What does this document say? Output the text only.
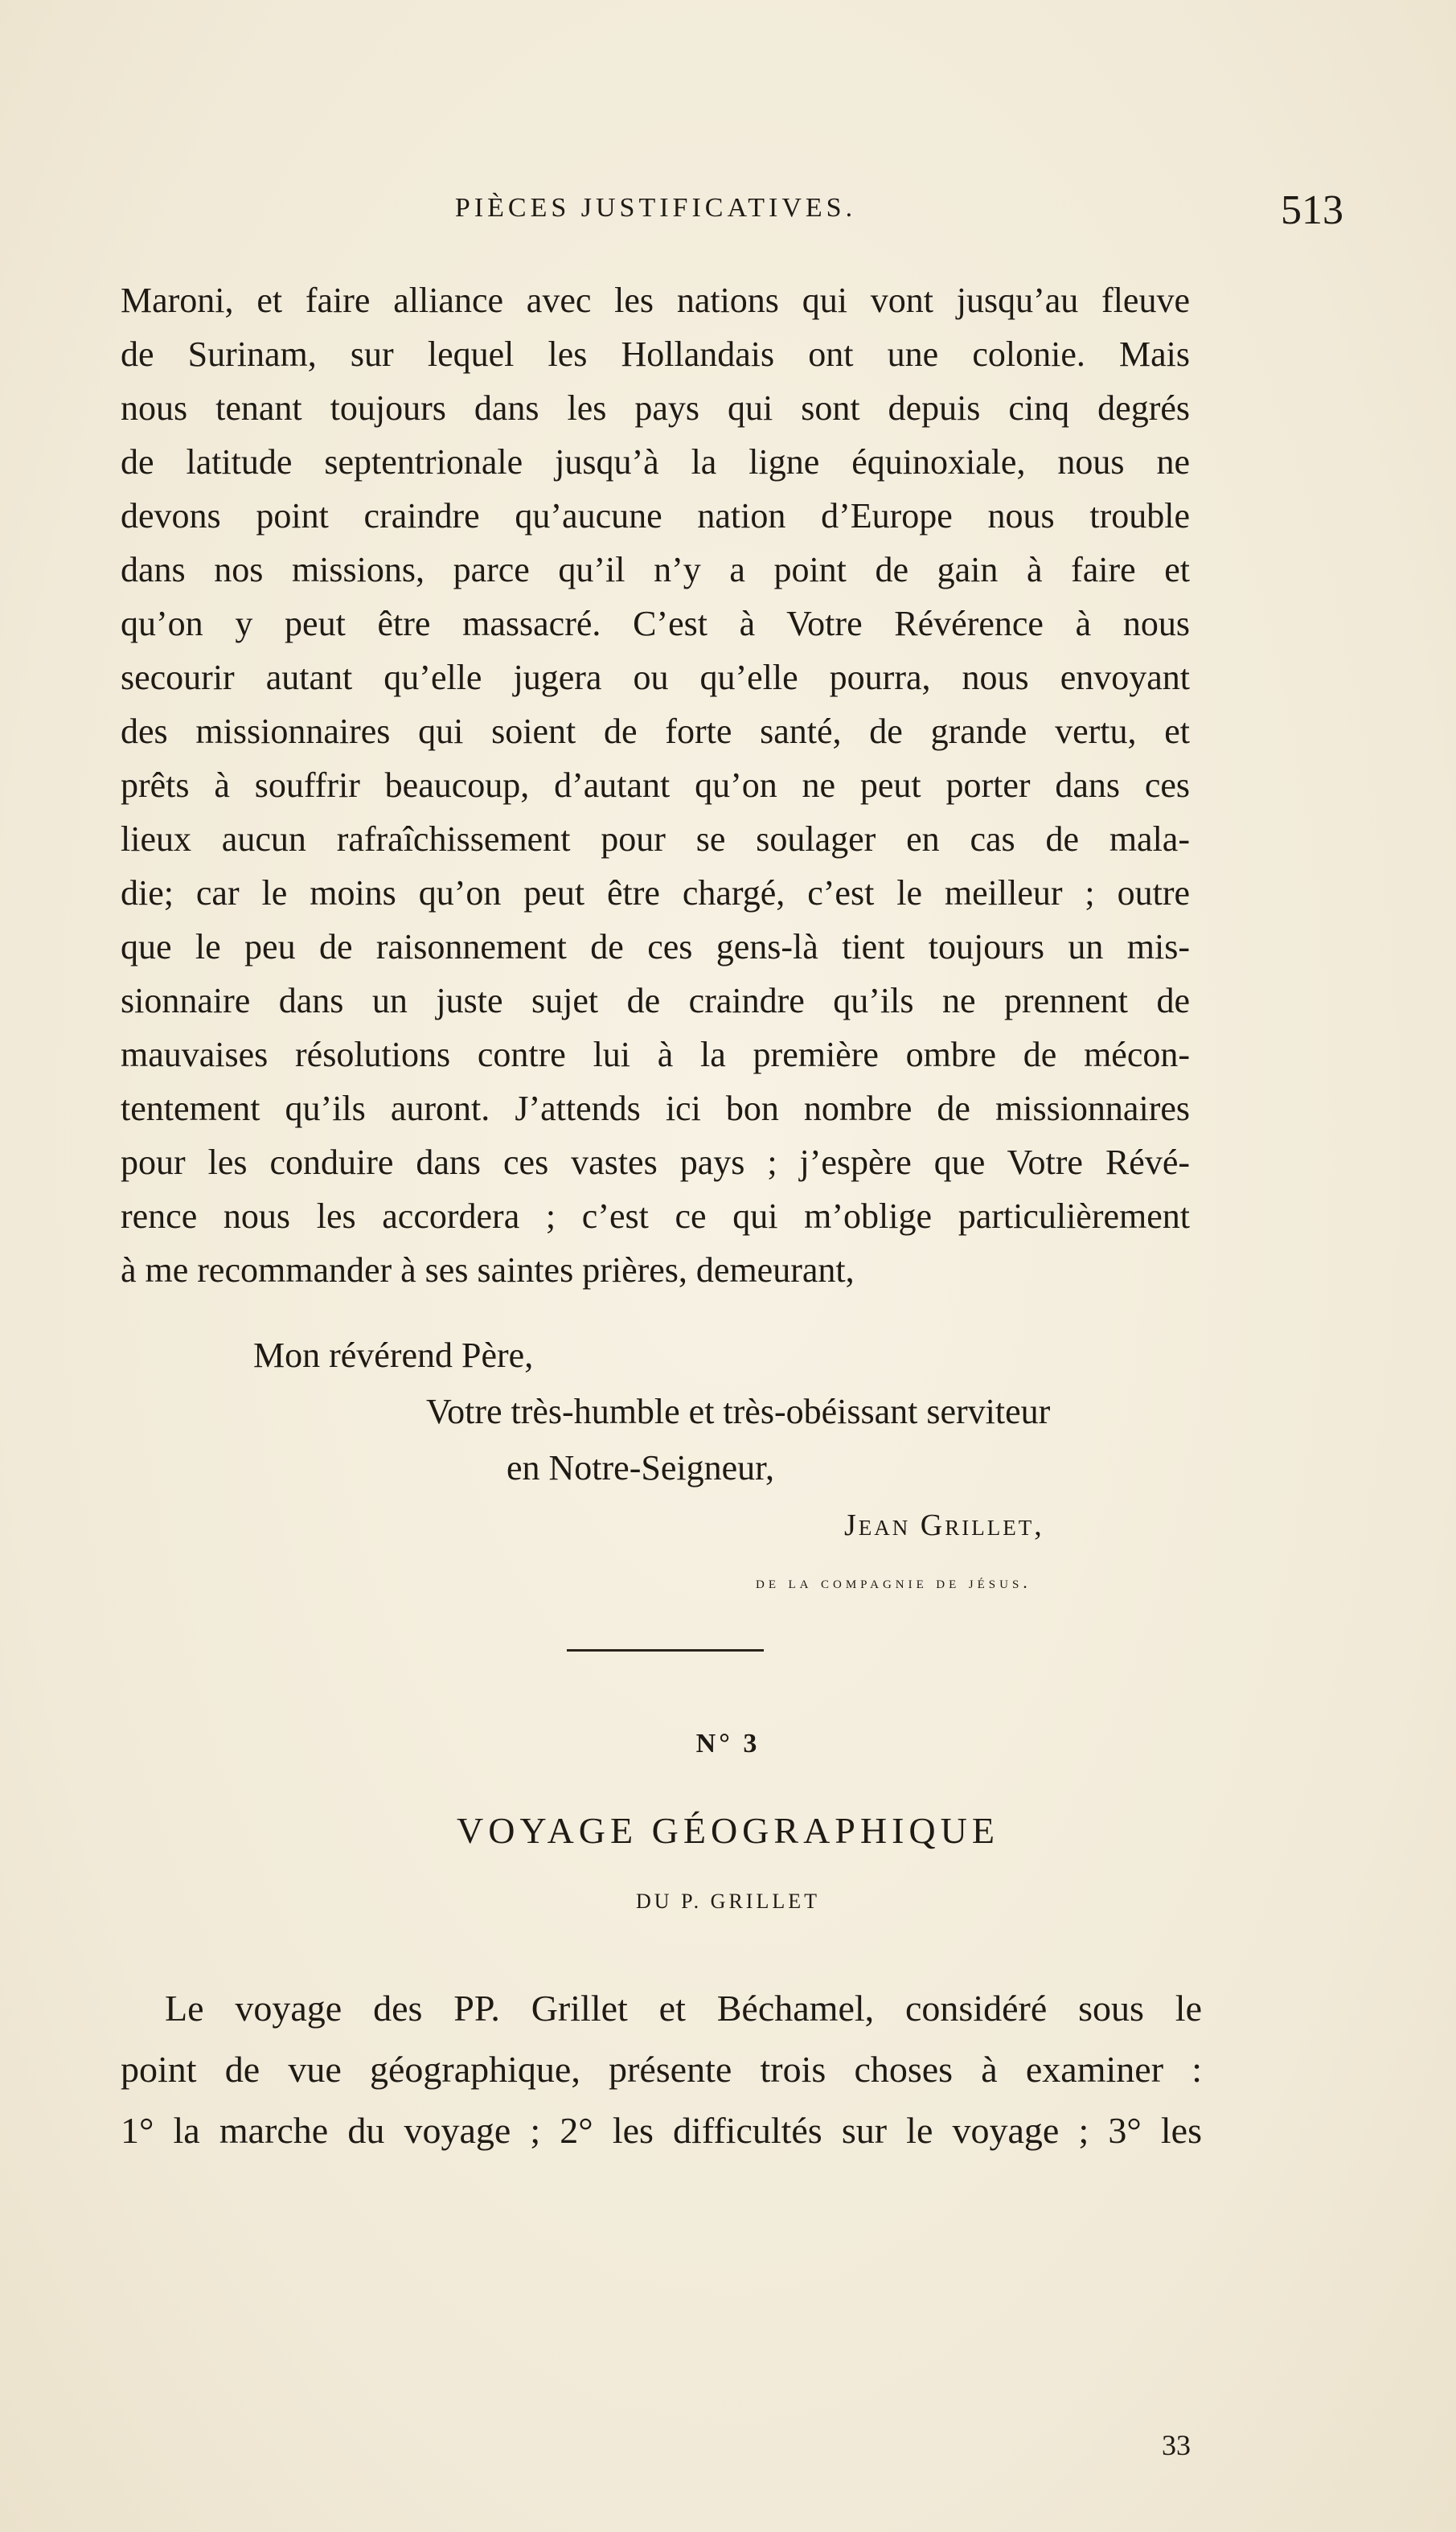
PIÈCES JUSTIFICATIVES.	513

Maroni, et faire alliance avec les nations qui vont jusqu’au fleuve

de Surinam, sur lequel les Hollandais ont une colonie. Mais

nous tenant toujours dans les pays qui sont depuis cinq degrés

de latitude septentrionale jusqu’à la ligne équinoxiale, nous ne

devons point craindre qu’aucune nation d’Europe nous trouble

dans nos missions, parce qu’il n’y a point de gain à faire et

qu’on y peut être massacré. C’est à Votre Révérence à nous

secourir autant qu’elle jugera ou qu’elle pourra, nous envoyant

des missionnaires qui soient de forte santé, de grande vertu, et

prêts à souffrir beaucoup, d’autant qu’on ne peut porter dans ces

lieux aucun rafraîchissement pour se soulager en cas de mala-

die; car le moins qu’on peut être chargé, c’est le meilleur ; outre

que le peu de raisonnement de ces gens-là tient toujours un mis-

sionnaire dans un juste sujet de craindre qu’ils ne prennent de

mauvaises résolutions contre lui à la première ombre de mécon-

tentement qu’ils auront. J’attends ici bon nombre de missionnaires

pour les conduire dans ces vastes pays ; j’espère que Votre Révé-

rence nous les accordera ; c’est ce qui m’oblige particulièrement

à me recommander à ses saintes prières, demeurant,

Mon révérend Père,
Votre très-humble et très-obéissant serviteur
en Notre-Seigneur,
Jean Grillet,
de la compagnie de jésus.
N° 3
VOYAGE GÉOGRAPHIQUE
DU P. GRILLET

Le voyage des PP. Grillet et Béchamel, considéré sous le

point de vue géographique, présente trois choses à examiner :

1° la marche du voyage ; 2° les difficultés sur le voyage ; 3° les

33
